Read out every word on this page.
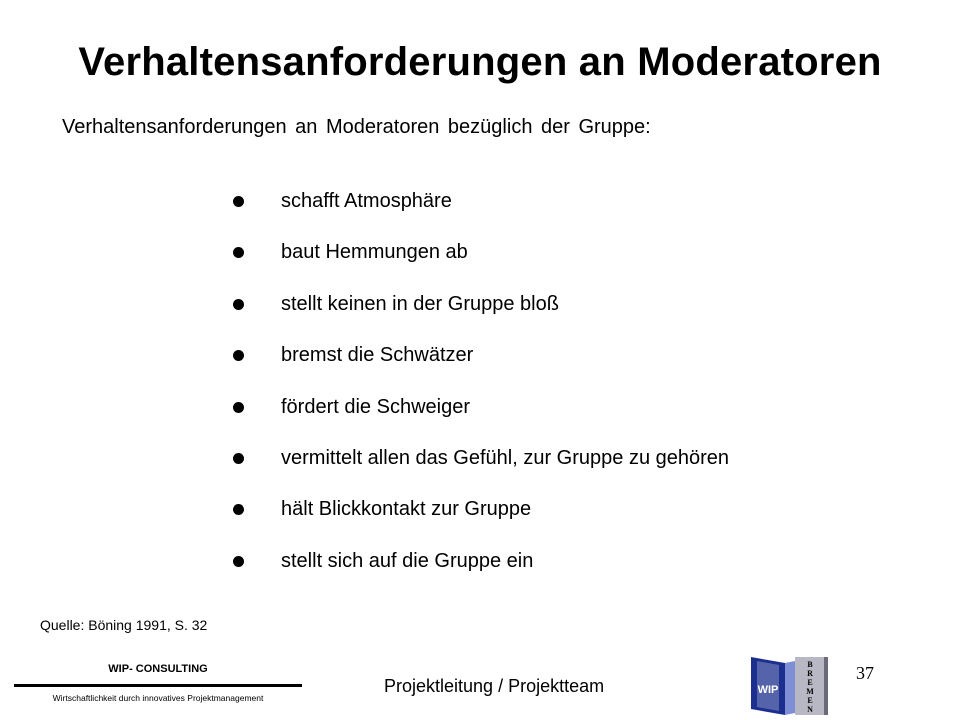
Verhaltensanforderungen an Moderatoren

Verhaltensanforderungen an Moderatoren bezüglich der Gruppe:

schafft Atmosphäre
baut Hemmungen ab
stellt keinen in der Gruppe bloß
bremst die Schwätzer
fördert die Schweiger
vermittelt allen das Gefühl, zur Gruppe zu gehören
hält Blickkontakt zur Gruppe
stellt sich auf die Gruppe ein
Quelle: Böning 1991, S. 32
WIP- CONSULTING
Wirtschaftlichkeit durch innovatives Projektmanagement
Projektleitung / Projektteam	WIP
B
R
E
M
E
N
37
